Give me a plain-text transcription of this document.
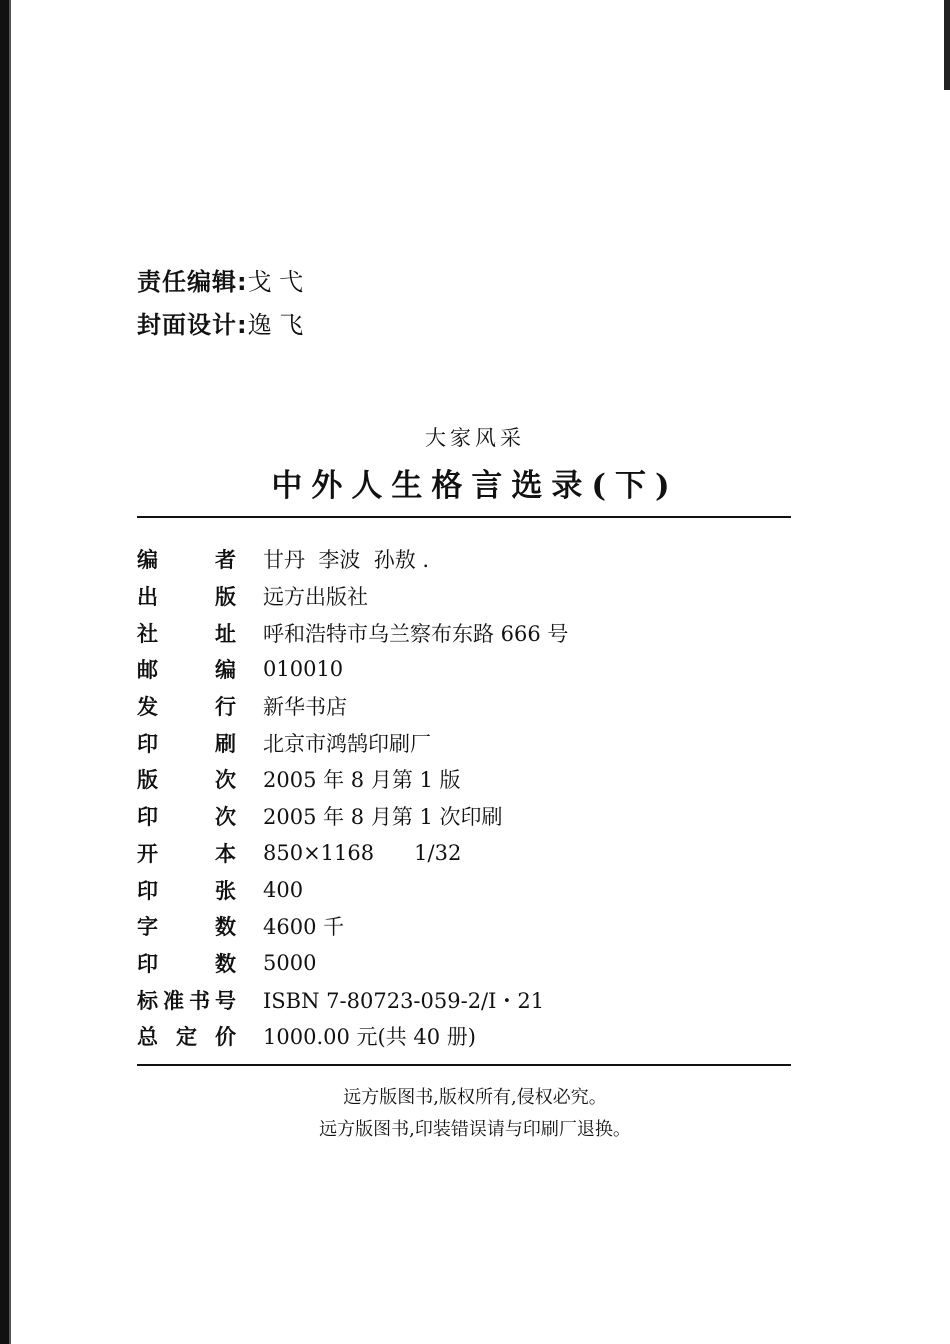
责任编辑: 戈 弋
封面设计: 逸 飞
大家风采
中外人生格言选录(下)
编	者 甘丹  李波  孙敖 .
出	版 远方出版社
社	址 呼和浩特市乌兰察布东路 666 号
邮	编 010010
发	行 新华书店
印	刷 北京市鸿鹄印刷厂
版	次 2005 年 8 月第 1 版
印	次 2005 年 8 月第 1 次印刷
开	本 850×1168      1/32
印	张 400
字	数 4600 千
印	数 5000
标 准 书 号 ISBN 7-80723-059-2/I・21
总 定 价 1000.00 元(共 40 册)
远方版图书,版权所有,侵权必究。
远方版图书,印装错误请与印刷厂退换。
